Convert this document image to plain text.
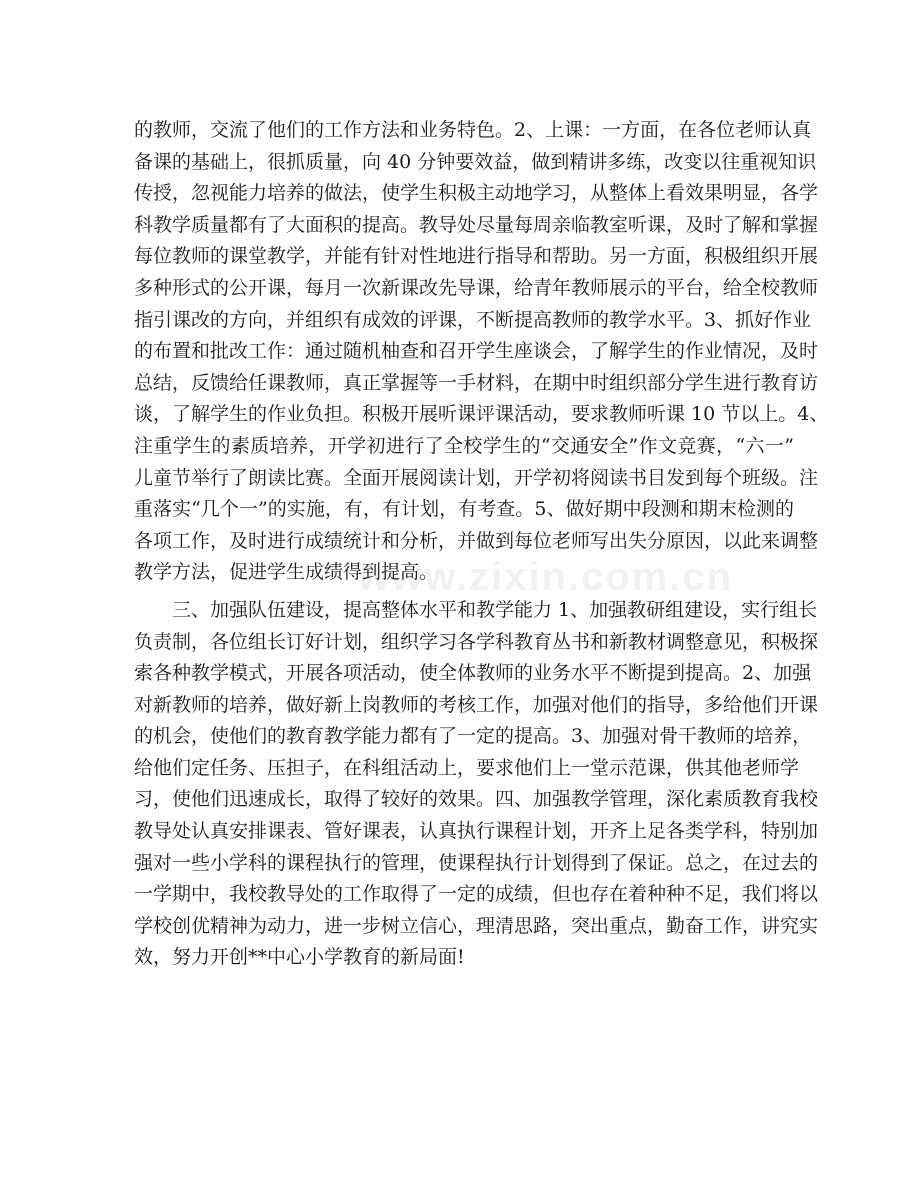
www.zixin.com.cn
的教师，交流了他们的工作方法和业务特色。2、上课：一方面，在各位老师认真
备课的基础上，很抓质量，向 40 分钟要效益，做到精讲多练，改变以往重视知识
传授，忽视能力培养的做法，使学生积极主动地学习，从整体上看效果明显，各学
科教学质量都有了大面积的提高。教导处尽量每周亲临教室听课，及时了解和掌握
每位教师的课堂教学，并能有针对性地进行指导和帮助。另一方面，积极组织开展
多种形式的公开课，每月一次新课改先导课，给青年教师展示的平台，给全校教师
指引课改的方向，并组织有成效的评课，不断提高教师的教学水平。3、抓好作业
的布置和批改工作：通过随机柚查和召开学生座谈会，了解学生的作业情况，及时
总结，反馈给任课教师，真正掌握等一手材料，在期中时组织部分学生进行教育访
谈，了解学生的作业负担。积极开展听课评课活动，要求教师听课 10 节以上。4、
注重学生的素质培养，开学初进行了全校学生的“交通安全”作文竞赛，“六一”
儿童节举行了朗读比赛。全面开展阅读计划，开学初将阅读书目发到每个班级。注
重落实“几个一”的实施，有，有计划，有考查。5、做好期中段测和期末检测的
各项工作，及时进行成绩统计和分析，并做到每位老师写出失分原因，以此来调整
教学方法，促进学生成绩得到提高。
　　三、加强队伍建设，提高整体水平和教学能力 1、加强教研组建设，实行组长
负责制，各位组长订好计划，组织学习各学科教育丛书和新教材调整意见，积极探
索各种教学模式，开展各项活动，使全体教师的业务水平不断提到提高。2、加强
对新教师的培养，做好新上岗教师的考核工作，加强对他们的指导，多给他们开课
的机会，使他们的教育教学能力都有了一定的提高。3、加强对骨干教师的培养，
给他们定任务、压担子，在科组活动上，要求他们上一堂示范课，供其他老师学
习，使他们迅速成长，取得了较好的效果。四、加强教学管理，深化素质教育我校
教导处认真安排课表、管好课表，认真执行课程计划，开齐上足各类学科，特别加
强对一些小学科的课程执行的管理，使课程执行计划得到了保证。总之，在过去的
一学期中，我校教导处的工作取得了一定的成绩，但也存在着种种不足，我们将以
学校创优精神为动力，进一步树立信心，理清思路，突出重点，勤奋工作，讲究实
效，努力开创**中心小学教育的新局面!
